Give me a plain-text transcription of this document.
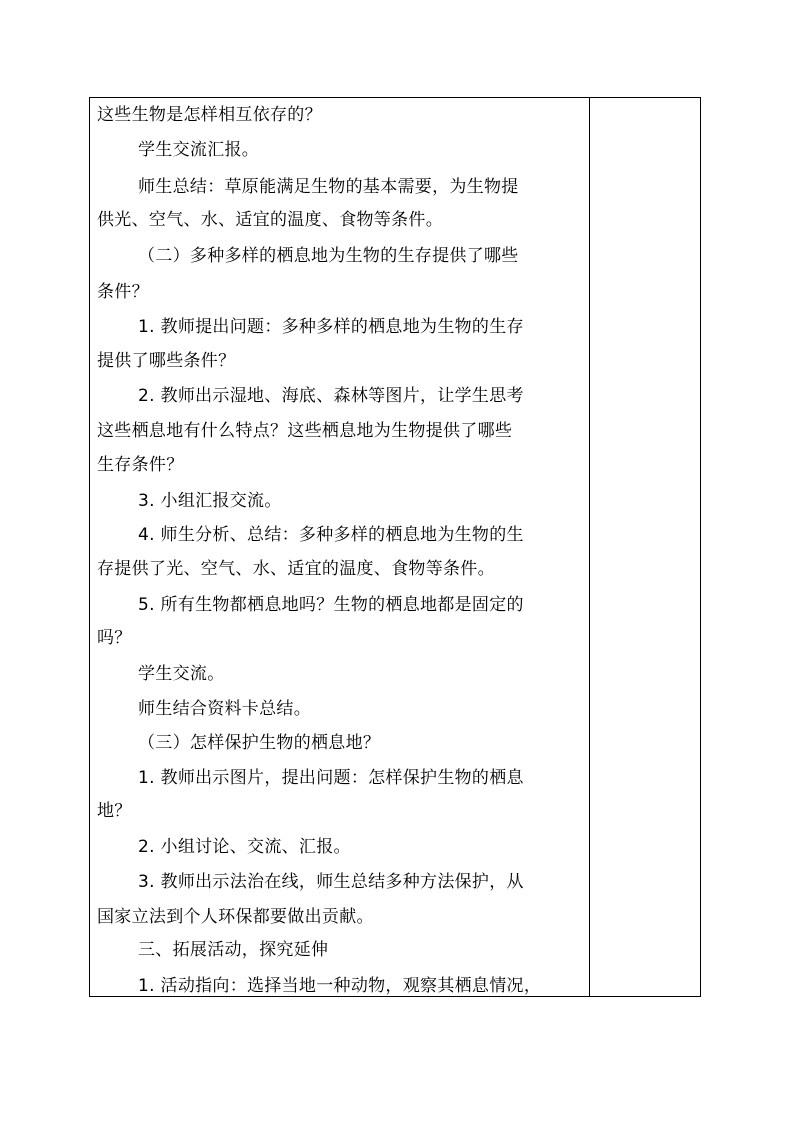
这些生物是怎样相互依存的？
学生交流汇报。
师生总结：草原能满足生物的基本需要，为生物提
供光、空气、水、适宜的温度、食物等条件。
（二）多种多样的栖息地为生物的生存提供了哪些
条件？
1. 教师提出问题：多种多样的栖息地为生物的生存
提供了哪些条件？
2. 教师出示湿地、海底、森林等图片，让学生思考
这些栖息地有什么特点？这些栖息地为生物提供了哪些
生存条件？
3. 小组汇报交流。
4. 师生分析、总结：多种多样的栖息地为生物的生
存提供了光、空气、水、适宜的温度、食物等条件。
5. 所有生物都栖息地吗？生物的栖息地都是固定的
吗？
学生交流。
师生结合资料卡总结。
（三）怎样保护生物的栖息地？
1. 教师出示图片，提出问题：怎样保护生物的栖息
地？
2. 小组讨论、交流、汇报。
3. 教师出示法治在线，师生总结多种方法保护，从
国家立法到个人环保都要做出贡献。
三、拓展活动，探究延伸
1. 活动指向：选择当地一种动物，观察其栖息情况，
